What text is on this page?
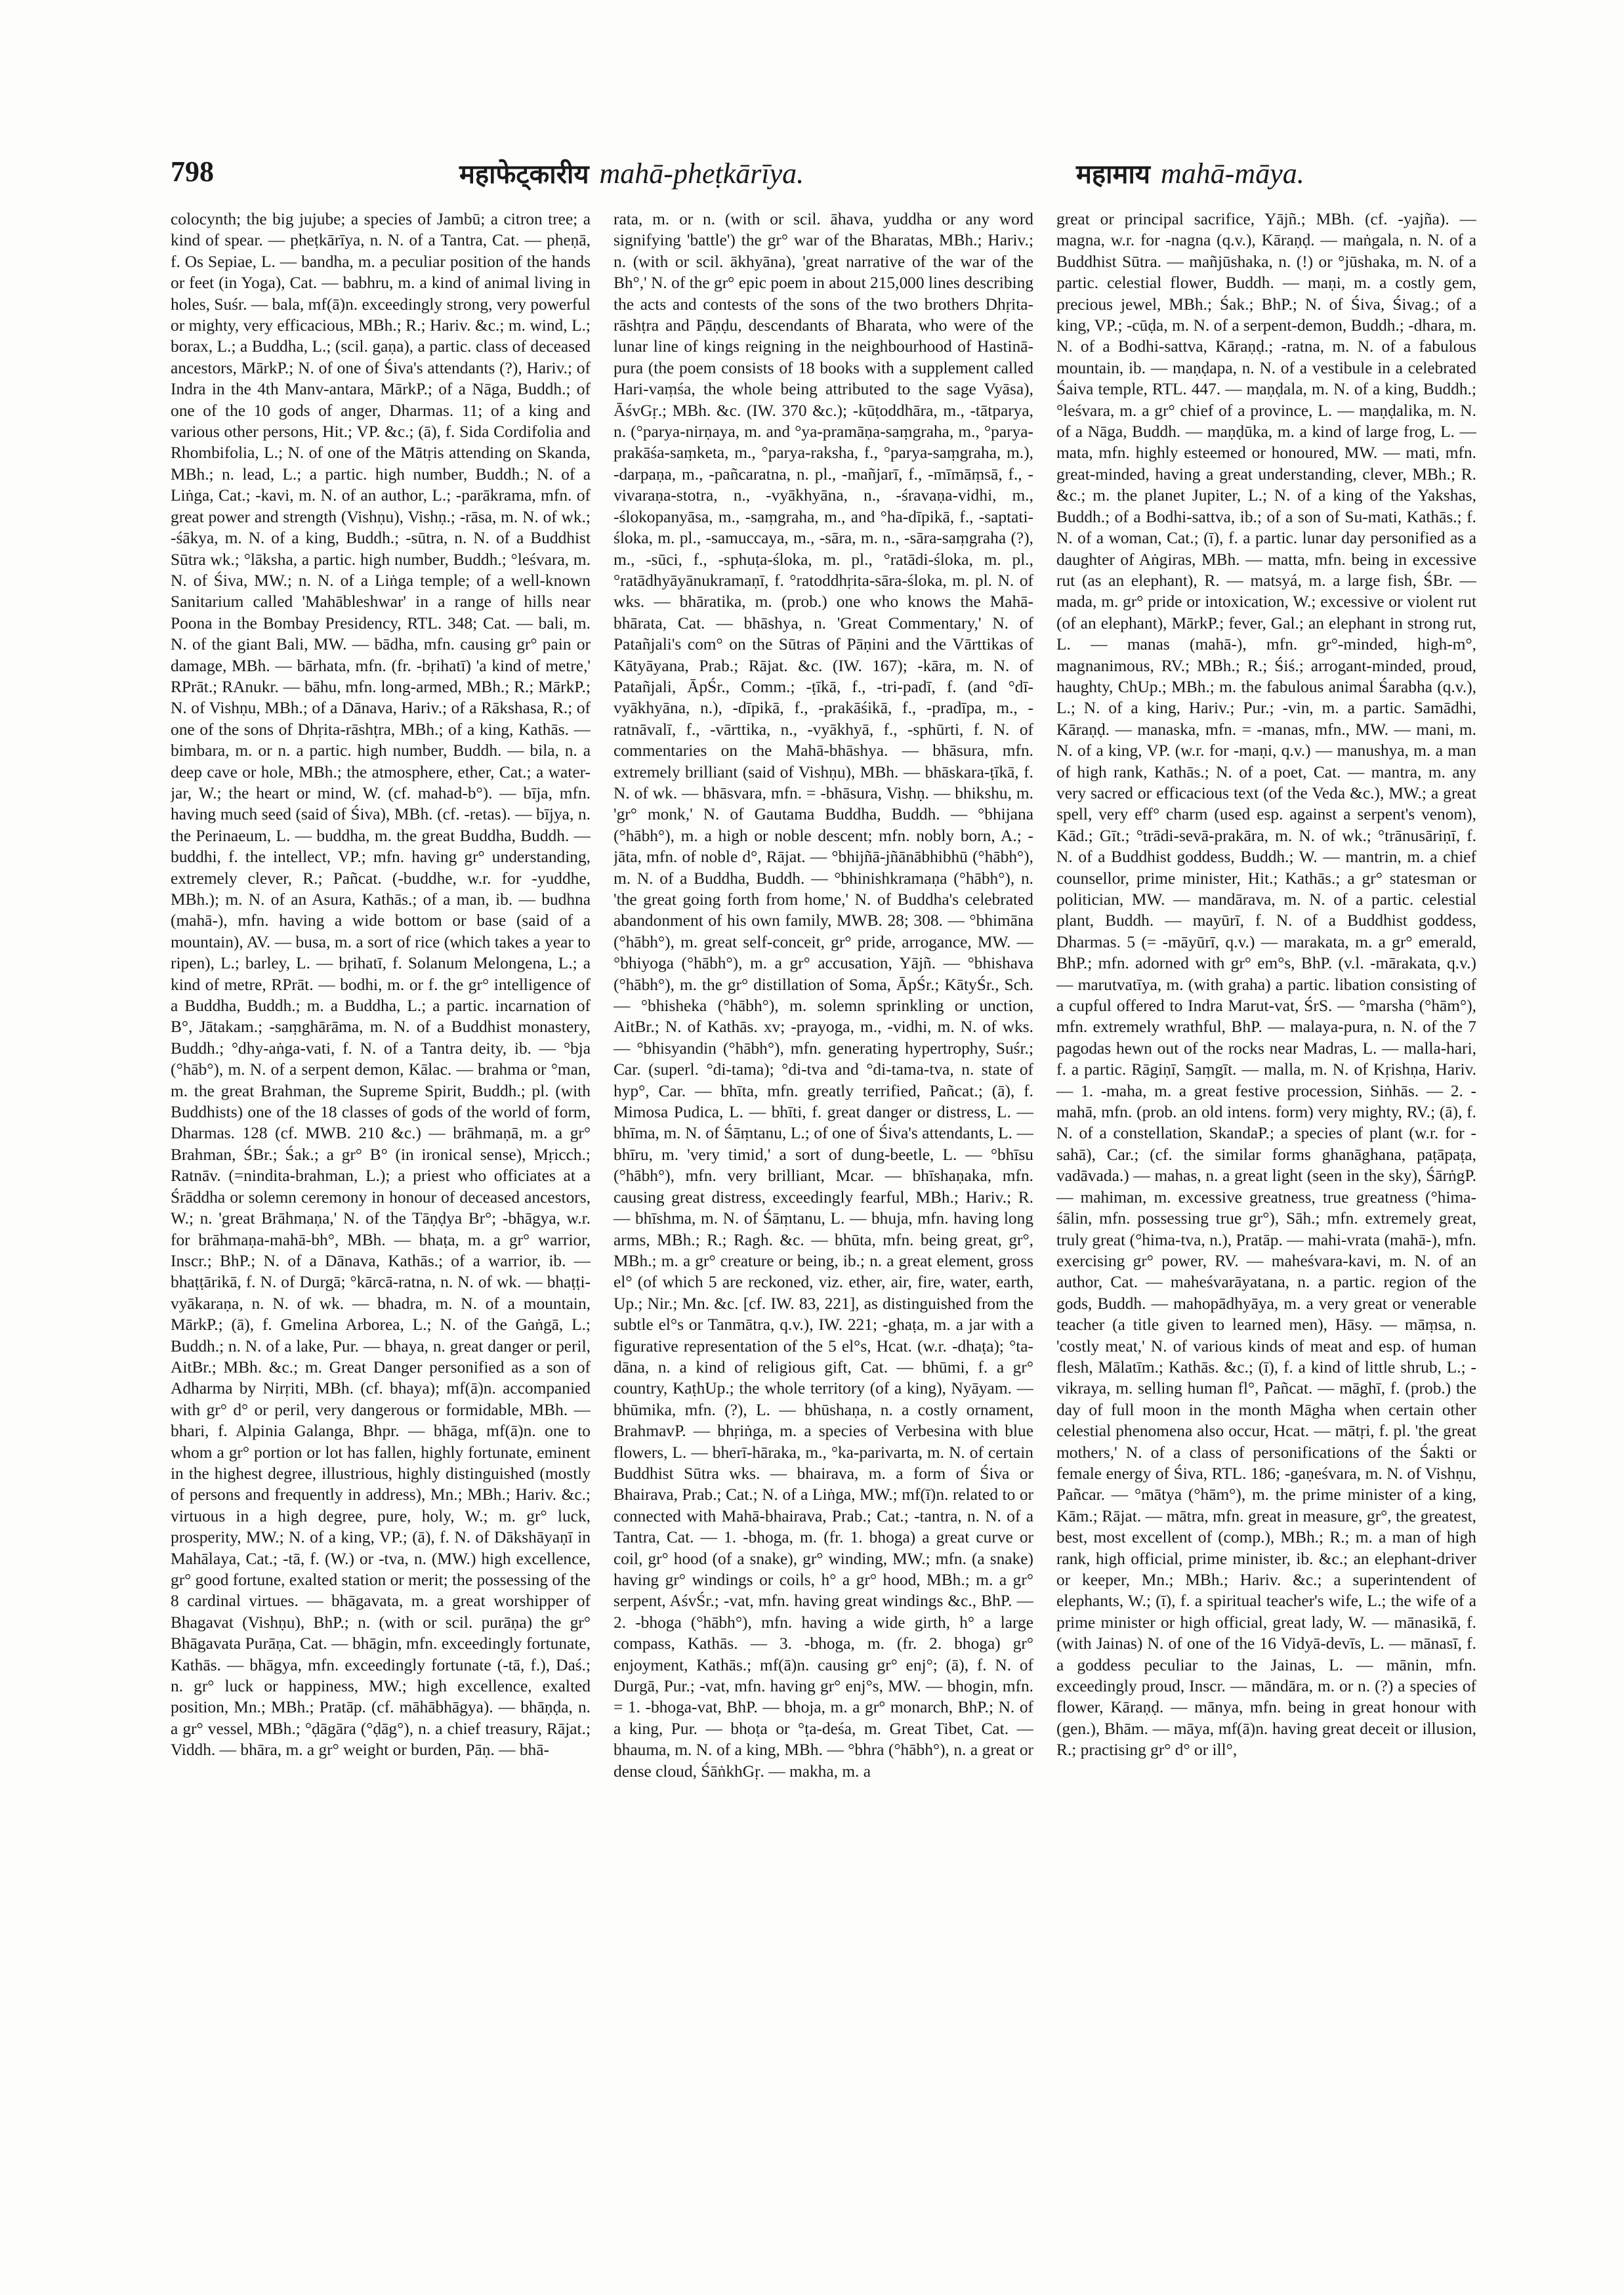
798	महाफेट्कारीय mahā-pheṭkārīya.	महामाय mahā-māya.

colocynth; the big jujube; a species of Jambū; a citron tree; a kind of spear. — pheṭkārīya, n. N. of a Tantra, Cat. — pheṇā, f. Os Sepiae, L. — bandha, m. a peculiar position of the hands or feet (in Yoga), Cat. — babhru, m. a kind of animal living in holes, Suśr. — bala, mf(ā)n. exceedingly strong, very powerful or mighty, very efficacious, MBh.; R.; Hariv. &c.; m. wind, L.; borax, L.; a Buddha, L.; (scil. gaṇa), a partic. class of deceased ancestors, MārkP.; N. of one of Śiva's attendants (?), Hariv.; of Indra in the 4th Manv-antara, MārkP.; of a Nāga, Buddh.; of one of the 10 gods of anger, Dharmas. 11; of a king and various other persons, Hit.; VP. &c.; (ā), f. Sida Cordifolia and Rhombifolia, L.; N. of one of the Mātṛis attending on Skanda, MBh.; n. lead, L.; a partic. high number, Buddh.; N. of a Liṅga, Cat.; -kavi, m. N. of an author, L.; -parākrama, mfn. of great power and strength (Vishṇu), Vishṇ.; -rāsa, m. N. of wk.; -śākya, m. N. of a king, Buddh.; -sūtra, n. N. of a Buddhist Sūtra wk.; °lāksha, a partic. high number, Buddh.; °leśvara, m. N. of Śiva, MW.; n. N. of a Liṅga temple; of a well-known Sanitarium called 'Mahābleshwar' in a range of hills near Poona in the Bombay Presidency, RTL. 348; Cat. — bali, m. N. of the giant Bali, MW. — bādha, mfn. causing gr° pain or damage, MBh. — bārhata, mfn. (fr. -bṛihatī) 'a kind of metre,' RPrāt.; RAnukr. — bāhu, mfn. long-armed, MBh.; R.; MārkP.; N. of Vishṇu, MBh.; of a Dānava, Hariv.; of a Rākshasa, R.; of one of the sons of Dhṛita-rāshṭra, MBh.; of a king, Kathās. — bimbara, m. or n. a partic. high number, Buddh. — bila, n. a deep cave or hole, MBh.; the atmosphere, ether, Cat.; a water-jar, W.; the heart or mind, W. (cf. mahad-b°). — bīja, mfn. having much seed (said of Śiva), MBh. (cf. -retas). — bījya, n. the Perinaeum, L. — buddha, m. the great Buddha, Buddh. — buddhi, f. the intellect, VP.; mfn. having gr° understanding, extremely clever, R.; Pañcat. (-buddhe, w.r. for -yuddhe, MBh.); m. N. of an Asura, Kathās.; of a man, ib. — budhna (mahā-), mfn. having a wide bottom or base (said of a mountain), AV. — busa, m. a sort of rice (which takes a year to ripen), L.; barley, L. — bṛihatī, f. Solanum Melongena, L.; a kind of metre, RPrāt. — bodhi, m. or f. the gr° intelligence of a Buddha, Buddh.; m. a Buddha, L.; a partic. incarnation of B°, Jātakam.; -saṃghārāma, m. N. of a Buddhist monastery, Buddh.; °dhy-aṅga-vati, f. N. of a Tantra deity, ib. — °bja (°hāb°), m. N. of a serpent demon, Kālac. — brahma or °man, m. the great Brahman, the Supreme Spirit, Buddh.; pl. (with Buddhists) one of the 18 classes of gods of the world of form, Dharmas. 128 (cf. MWB. 210 &c.) — brāhmaṇā, m. a gr° Brahman, ŚBr.; Śak.; a gr° B° (in ironical sense), Mṛicch.; Ratnāv. (=nindita-brahman, L.); a priest who officiates at a Śrāddha or solemn ceremony in honour of deceased ancestors, W.; n. 'great Brāhmaṇa,' N. of the Tāṇḍya Br°; -bhāgya, w.r. for brāhmaṇa-mahā-bh°, MBh. — bhaṭa, m. a gr° warrior, Inscr.; BhP.; N. of a Dānava, Kathās.; of a warrior, ib. — bhaṭṭārikā, f. N. of Durgā; °kārcā-ratna, n. N. of wk. — bhaṭṭi-vyākaraṇa, n. N. of wk. — bhadra, m. N. of a mountain, MārkP.; (ā), f. Gmelina Arborea, L.; N. of the Gaṅgā, L.; Buddh.; n. N. of a lake, Pur. — bhaya, n. great danger or peril, AitBr.; MBh. &c.; m. Great Danger personified as a son of Adharma by Nirṛiti, MBh. (cf. bhaya); mf(ā)n. accompanied with gr° d° or peril, very dangerous or formidable, MBh. — bhari, f. Alpinia Galanga, Bhpr. — bhāga, mf(ā)n. one to whom a gr° portion or lot has fallen, highly fortunate, eminent in the highest degree, illustrious, highly distinguished (mostly of persons and frequently in address), Mn.; MBh.; Hariv. &c.; virtuous in a high degree, pure, holy, W.; m. gr° luck, prosperity, MW.; N. of a king, VP.; (ā), f. N. of Dākshāyaṇī in Mahālaya, Cat.; -tā, f. (W.) or -tva, n. (MW.) high excellence, gr° good fortune, exalted station or merit; the possessing of the 8 cardinal virtues. — bhāgavata, m. a great worshipper of Bhagavat (Vishṇu), BhP.; n. (with or scil. purāṇa) the gr° Bhāgavata Purāṇa, Cat. — bhāgin, mfn. exceedingly fortunate, Kathās. — bhāgya, mfn. exceedingly fortunate (-tā, f.), Daś.; n. gr° luck or happiness, MW.; high excellence, exalted position, Mn.; MBh.; Pratāp. (cf. māhābhāgya). — bhāṇḍa, n. a gr° vessel, MBh.; °ḍāgāra (°ḍāg°), n. a chief treasury, Rājat.; Viddh. — bhāra, m. a gr° weight or burden, Pāṇ. — bhā-

rata, m. or n. (with or scil. āhava, yuddha or any word signifying 'battle') the gr° war of the Bharatas, MBh.; Hariv.; n. (with or scil. ākhyāna), 'great narrative of the war of the Bh°,' N. of the gr° epic poem in about 215,000 lines describing the acts and contests of the sons of the two brothers Dhṛita-rāshṭra and Pāṇḍu, descendants of Bharata, who were of the lunar line of kings reigning in the neighbourhood of Hastinā-pura (the poem consists of 18 books with a supplement called Hari-vaṃśa, the whole being attributed to the sage Vyāsa), ĀśvGṛ.; MBh. &c. (IW. 370 &c.); -kūṭoddhāra, m., -tātparya, n. (°parya-nirṇaya, m. and °ya-pramāṇa-saṃgraha, m., °parya-prakāśa-saṃketa, m., °parya-raksha, f., °parya-saṃgraha, m.), -darpaṇa, m., -pañcaratna, n. pl., -mañjarī, f., -mīmāṃsā, f., -vivaraṇa-stotra, n., -vyākhyāna, n., -śravaṇa-vidhi, m., -ślokopanyāsa, m., -saṃgraha, m., and °ha-dīpikā, f., -saptati-śloka, m. pl., -samuccaya, m., -sāra, m. n., -sāra-saṃgraha (?), m., -sūci, f., -sphuṭa-śloka, m. pl., °ratādi-śloka, m. pl., °ratādhyāyānukramaṇī, f. °ratoddhṛita-sāra-śloka, m. pl. N. of wks. — bhāratika, m. (prob.) one who knows the Mahā-bhārata, Cat. — bhāshya, n. 'Great Commentary,' N. of Patañjali's com° on the Sūtras of Pāṇini and the Vārttikas of Kātyāyana, Prab.; Rājat. &c. (IW. 167); -kāra, m. N. of Patañjali, ĀpŚr., Comm.; -ṭīkā, f., -tri-padī, f. (and °dī-vyākhyāna, n.), -dīpikā, f., -prakāśikā, f., -pradīpa, m., -ratnāvalī, f., -vārttika, n., -vyākhyā, f., -sphūrti, f. N. of commentaries on the Mahā-bhāshya. — bhāsura, mfn. extremely brilliant (said of Vishṇu), MBh. — bhāskara-ṭīkā, f. N. of wk. — bhāsvara, mfn. = -bhāsura, Vishṇ. — bhikshu, m. 'gr° monk,' N. of Gautama Buddha, Buddh. — °bhijana (°hābh°), m. a high or noble descent; mfn. nobly born, A.; -jāta, mfn. of noble d°, Rājat. — °bhijñā-jñānābhibhū (°hābh°), m. N. of a Buddha, Buddh. — °bhinishkramaṇa (°hābh°), n. 'the great going forth from home,' N. of Buddha's celebrated abandonment of his own family, MWB. 28; 308. — °bhimāna (°hābh°), m. great self-conceit, gr° pride, arrogance, MW. — °bhiyoga (°hābh°), m. a gr° accusation, Yājñ. — °bhishava (°hābh°), m. the gr° distillation of Soma, ĀpŚr.; KātyŚr., Sch. — °bhisheka (°hābh°), m. solemn sprinkling or unction, AitBr.; N. of Kathās. xv; -prayoga, m., -vidhi, m. N. of wks. — °bhisyandin (°hābh°), mfn. generating hypertrophy, Suśr.; Car. (superl. °di-tama); °di-tva and °di-tama-tva, n. state of hyp°, Car. — bhīta, mfn. greatly terrified, Pañcat.; (ā), f. Mimosa Pudica, L. — bhīti, f. great danger or distress, L. — bhīma, m. N. of Śāṃtanu, L.; of one of Śiva's attendants, L. — bhīru, m. 'very timid,' a sort of dung-beetle, L. — °bhīsu (°hābh°), mfn. very brilliant, Mcar. — bhīshaṇaka, mfn. causing great distress, exceedingly fearful, MBh.; Hariv.; R. — bhīshma, m. N. of Śāṃtanu, L. — bhuja, mfn. having long arms, MBh.; R.; Ragh. &c. — bhūta, mfn. being great, gr°, MBh.; m. a gr° creature or being, ib.; n. a great element, gross el° (of which 5 are reckoned, viz. ether, air, fire, water, earth, Up.; Nir.; Mn. &c. [cf. IW. 83, 221], as distinguished from the subtle el°s or Tanmātra, q.v.), IW. 221; -ghaṭa, m. a jar with a figurative representation of the 5 el°s, Hcat. (w.r. -dhaṭa); °ta-dāna, n. a kind of religious gift, Cat. — bhūmi, f. a gr° country, KaṭhUp.; the whole territory (of a king), Nyāyam. — bhūmika, mfn. (?), L. — bhūshaṇa, n. a costly ornament, BrahmavP. — bhṛiṅga, m. a species of Verbesina with blue flowers, L. — bherī-hāraka, m., °ka-parivarta, m. N. of certain Buddhist Sūtra wks. — bhairava, m. a form of Śiva or Bhairava, Prab.; Cat.; N. of a Liṅga, MW.; mf(ī)n. related to or connected with Mahā-bhairava, Prab.; Cat.; -tantra, n. N. of a Tantra, Cat. — 1. -bhoga, m. (fr. 1. bhoga) a great curve or coil, gr° hood (of a snake), gr° winding, MW.; mfn. (a snake) having gr° windings or coils, h° a gr° hood, MBh.; m. a gr° serpent, AśvŚr.; -vat, mfn. having great windings &c., BhP. — 2. -bhoga (°hābh°), mfn. having a wide girth, h° a large compass, Kathās. — 3. -bhoga, m. (fr. 2. bhoga) gr° enjoyment, Kathās.; mf(ā)n. causing gr° enj°; (ā), f. N. of Durgā, Pur.; -vat, mfn. having gr° enj°s, MW. — bhogin, mfn. = 1. -bhoga-vat, BhP. — bhoja, m. a gr° monarch, BhP.; N. of a king, Pur. — bhoṭa or °ṭa-deśa, m. Great Tibet, Cat. — bhauma, m. N. of a king, MBh. — °bhra (°hābh°), n. a great or dense cloud, ŚāṅkhGṛ. — makha, m. a

great or principal sacrifice, Yājñ.; MBh. (cf. -yajña). — magna, w.r. for -nagna (q.v.), Kāraṇḍ. — maṅgala, n. N. of a Buddhist Sūtra. — mañjūshaka, n. (!) or °jūshaka, m. N. of a partic. celestial flower, Buddh. — maṇi, m. a costly gem, precious jewel, MBh.; Śak.; BhP.; N. of Śiva, Śivag.; of a king, VP.; -cūḍa, m. N. of a serpent-demon, Buddh.; -dhara, m. N. of a Bodhi-sattva, Kāraṇḍ.; -ratna, m. N. of a fabulous mountain, ib. — maṇḍapa, n. N. of a vestibule in a celebrated Śaiva temple, RTL. 447. — maṇḍala, m. N. of a king, Buddh.; °leśvara, m. a gr° chief of a province, L. — maṇḍalika, m. N. of a Nāga, Buddh. — maṇḍūka, m. a kind of large frog, L. — mata, mfn. highly esteemed or honoured, MW. — mati, mfn. great-minded, having a great understanding, clever, MBh.; R. &c.; m. the planet Jupiter, L.; N. of a king of the Yakshas, Buddh.; of a Bodhi-sattva, ib.; of a son of Su-mati, Kathās.; f. N. of a woman, Cat.; (ī), f. a partic. lunar day personified as a daughter of Aṅgiras, MBh. — matta, mfn. being in excessive rut (as an elephant), R. — matsyá, m. a large fish, ŚBr. — mada, m. gr° pride or intoxication, W.; excessive or violent rut (of an elephant), MārkP.; fever, Gal.; an elephant in strong rut, L. — manas (mahā-), mfn. gr°-minded, high-m°, magnanimous, RV.; MBh.; R.; Śiś.; arrogant-minded, proud, haughty, ChUp.; MBh.; m. the fabulous animal Śarabha (q.v.), L.; N. of a king, Hariv.; Pur.; -vin, m. a partic. Samādhi, Kāraṇḍ. — manaska, mfn. = -manas, mfn., MW. — mani, m. N. of a king, VP. (w.r. for -maṇi, q.v.) — manushya, m. a man of high rank, Kathās.; N. of a poet, Cat. — mantra, m. any very sacred or efficacious text (of the Veda &c.), MW.; a great spell, very eff° charm (used esp. against a serpent's venom), Kād.; Gīt.; °trādi-sevā-prakāra, m. N. of wk.; °trānusāriṇī, f. N. of a Buddhist goddess, Buddh.; W. — mantrin, m. a chief counsellor, prime minister, Hit.; Kathās.; a gr° statesman or politician, MW. — mandārava, m. N. of a partic. celestial plant, Buddh. — mayūrī, f. N. of a Buddhist goddess, Dharmas. 5 (= -māyūrī, q.v.) — marakata, m. a gr° emerald, BhP.; mfn. adorned with gr° em°s, BhP. (v.l. -mārakata, q.v.) — marutvatīya, m. (with graha) a partic. libation consisting of a cupful offered to Indra Marut-vat, ŚrS. — °marsha (°hām°), mfn. extremely wrathful, BhP. — malaya-pura, n. N. of the 7 pagodas hewn out of the rocks near Madras, L. — malla-hari, f. a partic. Rāgiṇī, Saṃgīt. — malla, m. N. of Kṛishṇa, Hariv. — 1. -maha, m. a great festive procession, Siṅhās. — 2. -mahā, mfn. (prob. an old intens. form) very mighty, RV.; (ā), f. N. of a constellation, SkandaP.; a species of plant (w.r. for -sahā), Car.; (cf. the similar forms ghanāghana, paṭāpaṭa, vadāvada.) — mahas, n. a great light (seen in the sky), ŚārṅgP. — mahiman, m. excessive greatness, true greatness (°hima-śālin, mfn. possessing true gr°), Sāh.; mfn. extremely great, truly great (°hima-tva, n.), Pratāp. — mahi-vrata (mahā-), mfn. exercising gr° power, RV. — maheśvara-kavi, m. N. of an author, Cat. — maheśvarāyatana, n. a partic. region of the gods, Buddh. — mahopādhyāya, m. a very great or venerable teacher (a title given to learned men), Hāsy. — māṃsa, n. 'costly meat,' N. of various kinds of meat and esp. of human flesh, Mālatīm.; Kathās. &c.; (ī), f. a kind of little shrub, L.; -vikraya, m. selling human fl°, Pañcat. — māghī, f. (prob.) the day of full moon in the month Māgha when certain other celestial phenomena also occur, Hcat. — mātṛi, f. pl. 'the great mothers,' N. of a class of personifications of the Śakti or female energy of Śiva, RTL. 186; -gaṇeśvara, m. N. of Vishṇu, Pañcar. — °mātya (°hām°), m. the prime minister of a king, Kām.; Rājat. — mātra, mfn. great in measure, gr°, the greatest, best, most excellent of (comp.), MBh.; R.; m. a man of high rank, high official, prime minister, ib. &c.; an elephant-driver or keeper, Mn.; MBh.; Hariv. &c.; a superintendent of elephants, W.; (ī), f. a spiritual teacher's wife, L.; the wife of a prime minister or high official, great lady, W. — mānasikā, f. (with Jainas) N. of one of the 16 Vidyā-devīs, L. — mānasī, f. a goddess peculiar to the Jainas, L. — mānin, mfn. exceedingly proud, Inscr. — māndāra, m. or n. (?) a species of flower, Kāraṇḍ. — mānya, mfn. being in great honour with (gen.), Bhām. — māya, mf(ā)n. having great deceit or illusion, R.; practising gr° d° or ill°,
